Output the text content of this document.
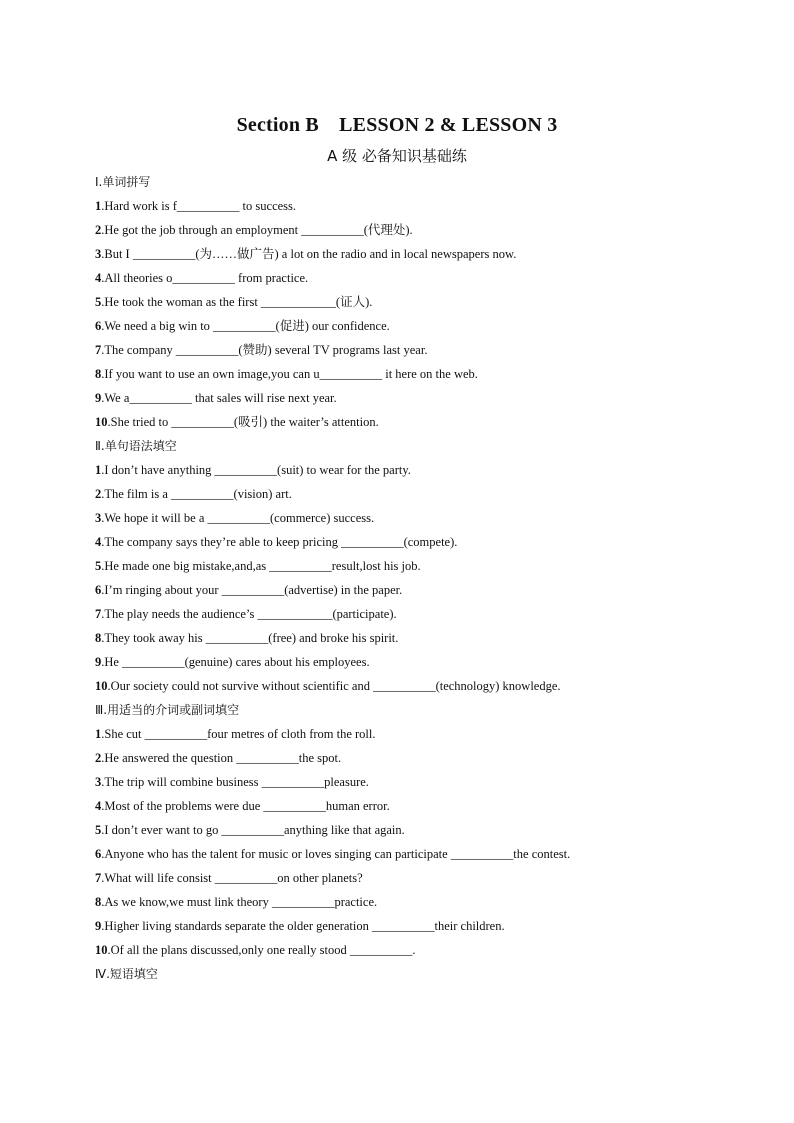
Section B　LESSON 2 & LESSON 3
A 级 必备知识基础练
Ⅰ.单词拼写
1.Hard work is f__________ to success.
2.He got the job through an employment __________(代理处).
3.But I __________(为……做广告) a lot on the radio and in local newspapers now.
4.All theories o__________ from practice.
5.He took the woman as the first ____________(证人).
6.We need a big win to __________(促进) our confidence.
7.The company __________(赞助) several TV programs last year.
8.If you want to use an own image,you can u__________ it here on the web.
9.We a__________ that sales will rise next year.
10.She tried to __________(吸引) the waiter’s attention.
Ⅱ.单句语法填空
1.I don’t have anything __________(suit) to wear for the party.
2.The film is a __________(vision) art.
3.We hope it will be a __________(commerce) success.
4.The company says they’re able to keep pricing __________(compete).
5.He made one big mistake,and,as __________result,lost his job.
6.I’m ringing about your __________(advertise) in the paper.
7.The play needs the audience’s ____________(participate).
8.They took away his __________(free) and broke his spirit.
9.He __________(genuine) cares about his employees.
10.Our society could not survive without scientific and __________(technology) knowledge.
Ⅲ.用适当的介词或副词填空
1.She cut __________four metres of cloth from the roll.
2.He answered the question __________the spot.
3.The trip will combine business __________pleasure.
4.Most of the problems were due __________human error.
5.I don’t ever want to go __________anything like that again.
6.Anyone who has the talent for music or loves singing can participate __________the contest.
7.What will life consist __________on other planets?
8.As we know,we must link theory __________practice.
9.Higher living standards separate the older generation __________their children.
10.Of all the plans discussed,only one really stood __________.
Ⅳ.短语填空
